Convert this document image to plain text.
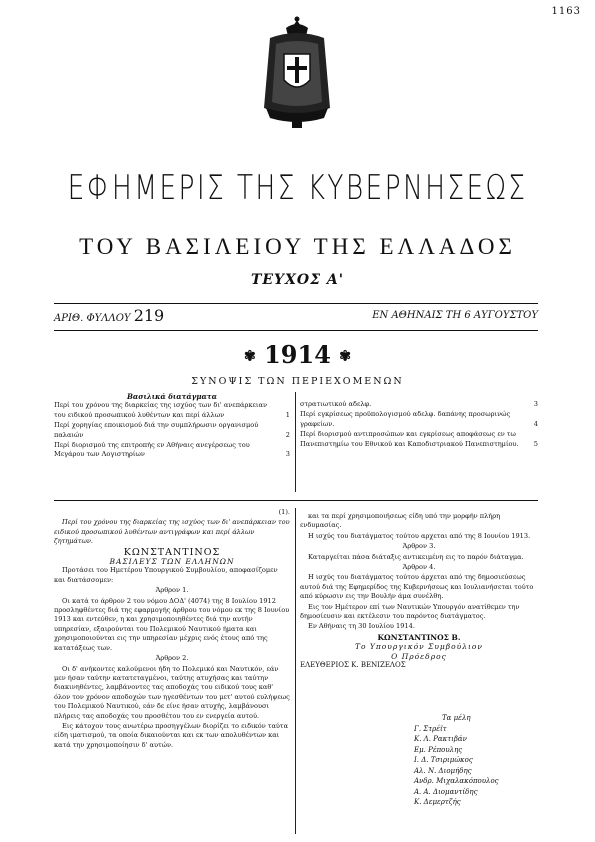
1163
ΕΦΗΜΕΡΙΣ ΤΗΣ ΚΥΒΕΡΝΗΣΕΩΣ
ΤΟΥ ΒΑΣΙΛΕΙΟΥ ΤΗΣ ΕΛΛΑΔΟΣ
ΤΕΥΧΟΣ Α'
ΑΡΙΘ. ΦΥΛΛΟΥ 219	ΕΝ ΑΘΗΝΑΙΣ ΤΗ 6 ΑΥΓΟΥΣΤΟΥ
✾ 1914 ✾
ΣΥΝΟΨΙΣ ΤΩΝ ΠΕΡΙΕΧΟΜΕΝΩΝ
Βασιλικά διατάγματα
Περί του χρόνου της διαρκείας της ισχύος των δι' ανεπάρκειαν του ειδικού προσωπικού λυθέντων και περί άλλων	1
Περί χορηγίας εποικισμού διά την συμπλήρωσιν οργανισμού παλαιών	2
Περί διορισμού της επιτροπής εν Αθήναις ανεγέρσεως του Μεγάρου των Λογιστηρίων	3
στρατιωτικού αδελφ.	3
Περί εγκρίσεως προϋπολογισμού αδελφ. δαπάνης προσωρινώς γραφείων.	4
Περί διορισμού αντιπροσώπων και εγκρίσεως αποφάσεως εν τω Πανεπιστημίω του Εθνικού και Καποδιστριακού Πανεπιστημίου. 5

(1).

Περί του χρόνου της διαρκείας της ισχύος των δι' ανεπάρκειαν του ειδικού προσωπικού λυθέντων αντιγράφων και περί άλλων ζητημάτων.

ΚΩΝΣΤΑΝΤΙΝΟΣ
ΒΑΣΙΛΕΥΣ ΤΩΝ ΕΛΛΗΝΩΝ

Προτάσει του Ημετέρου Υπουργικού Συμβουλίου, αποφασίζομεν και διατάσσομεν:

Άρθρον 1.

Οι κατά το άρθρον 2 του νόμου ΔΟΔ' (4074) της 8 Ιουλίου 1912 προσληφθέντες διά της εφαρμογής άρθρου του νόμου εκ της 8 Ιουνίου 1913 και εντεύθεν, η και χρησιμοποιηθέντες διά την αυτήν υπηρεσίαν, εξαιρούνται του Πολεμικού Ναυτικού ήματα και χρησιμοποιούνται εις την υπηρεσίαν μέχρις ενός έτους από της κατατάξεως των.

Άρθρον 2.

Οι δ' ανήκοντες καλούμενοι ήδη το Πολεμικό και Ναυτικόν, εάν μεν ήσαν ταύτην κατατεταγμένοι, ταύτης ατυχήσας και ταύτην διακινηθέντες, λαμβάνοντες τας αποδοχάς του ειδικού τους καθ' όλον τον χρόνον αποδοχών των ηγεσθέντων του μετ' αυτού ευλήψεως του Πολεμικού Ναυτικού, εάν δε είνε ήσαν ατυχής, λαμβάνουσι πλήρεις τας αποδοχάς του προσθέτου του εν ενεργεία αυτού.

Εις κάτοχον τους ανωτέρω προσηγγέλων διορίζει το ειδικόν ταύτα είδη ιματισμού, τα οποία δικαιούνται και εκ των απολυθέντων και κατά την χρησιμοποίησιν δ' αυτών.

και τα περί χρησιμοποιήσεως είδη υπό την μορφήν πλήρη ενδυμασίας.

Η ισχύς του διατάγματος τούτου αρχεται από της 8 Ιουνίου 1913.

Άρθρον 3.

Καταργείται πάσα διάταξις αντικειμένη εις το παρόν διάταγμα.

Άρθρον 4.

Η ισχύς του διατάγματος τούτου άρχεται από της δημοσιεύσεως αυτού διά της Εφημερίδος της Κυβερνήσεως και Ιουλιανήσεται τούτο από κύρωσιν εις την Βουλήν άμα συνέλθη.

Εις τον Ημέτερον επί των Ναυτικών Υπουργόν ανατίθεμεν την δημοσίευσιν και εκτέλεσιν του παρόντος διατάγματος.

Εν Αθήναις τη 30 Ιουλίου 1914.

ΚΩΝΣΤΑΝΤΙΝΟΣ Β.
Το Υπουργικόν Συμβούλιον
Ο Πρόεδρος
ΕΛΕΥΘΕΡΙΟΣ Κ. ΒΕΝΙΖΕΛΟΣ
Τα μέλη
Γ. Στρέϊτ
Κ. Λ. Ρακτιβάν
Εμ. Ρέπουλης
Ι. Δ. Τσιριμώκος
Αλ. Ν. Διομήδης
Ανδρ. Μιχαλακόπουλος
Α. Α. Διομαντίδης
Κ. Δεμερτζής
